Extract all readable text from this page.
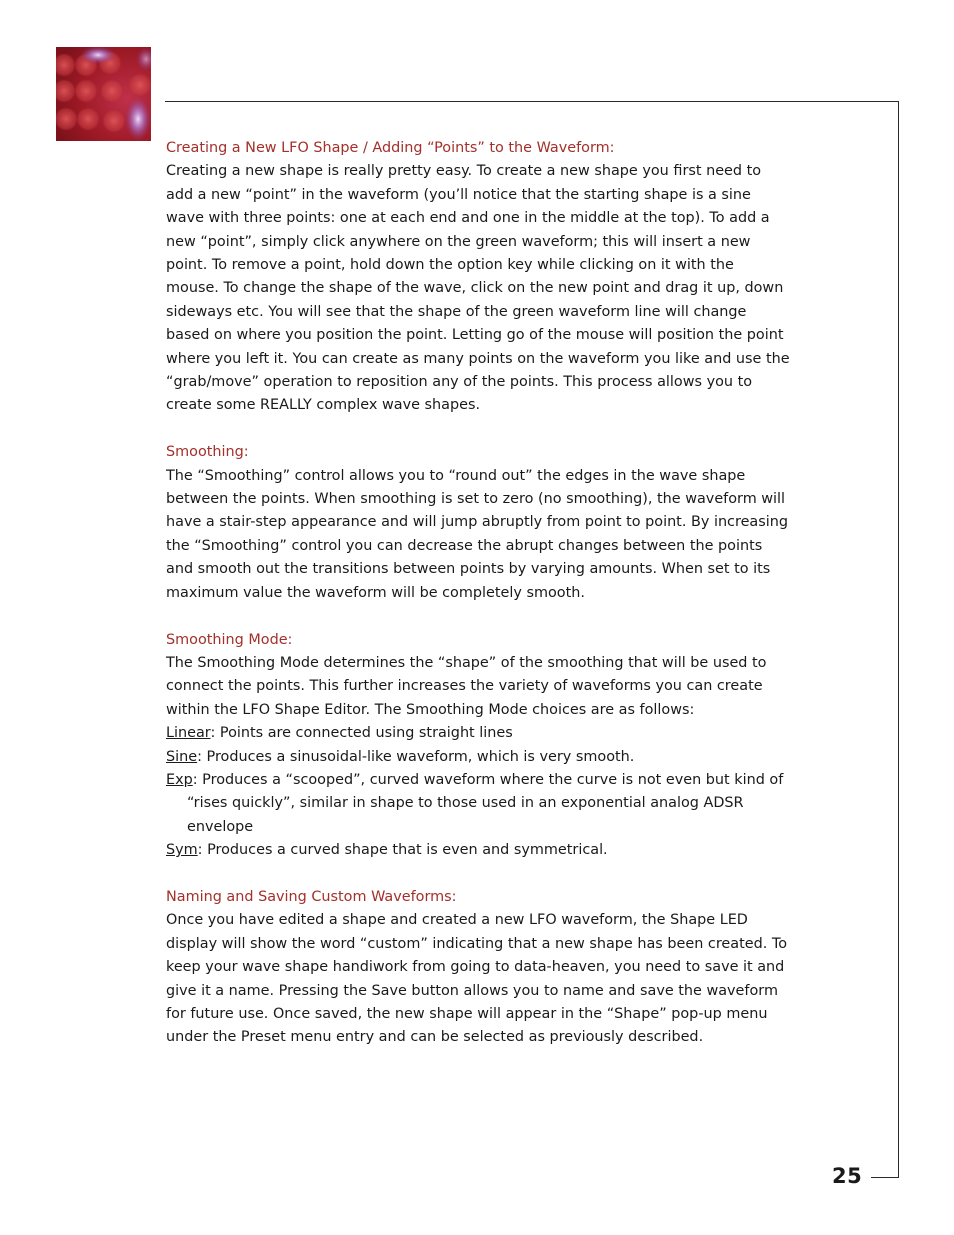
25
Creating a New LFO Shape / Adding “Points” to the Waveform:

Creating a new shape is really pretty easy. To create a new shape you first need to add a new “point” in the waveform (you’ll notice that the starting shape is a sine wave with three points: one at each end and one in the middle at the top). To add a new “point”, simply click anywhere on the green waveform; this will insert a new point. To remove a point, hold down the option key while clicking on it with the mouse. To change the shape of the wave, click on the new point and drag it up, down sideways etc. You will see that the shape of the green waveform line will change based on where you position the point. Letting go of the mouse will position the point where you left it. You can create as many points on the waveform you like and use the “grab/move” operation to reposition any of the points. This process allows you to create some REALLY complex wave shapes.

Smoothing:

The “Smoothing” control allows you to “round out” the edges in the wave shape between the points. When smoothing is set to zero (no smoothing), the waveform will have a stair-step appearance and will jump abruptly from point to point. By increasing the “Smoothing” control you can decrease the abrupt changes between the points and smooth out the transitions between points by varying amounts. When set to its maximum value the waveform will be completely smooth.

Smoothing Mode:

The Smoothing Mode determines the “shape” of the smoothing that will be used to connect the points. This further increases the variety of waveforms you can create within the LFO Shape Editor. The Smoothing Mode choices are as follows:

Linear: Points are connected using straight lines
Sine: Produces a sinusoidal-like waveform, which is very smooth.
Exp: Produces a “scooped”, curved waveform where the curve is not even but kind of “rises quickly”, similar in shape to those used in an exponential analog ADSR envelope
Sym: Produces a curved shape that is even and symmetrical.
Naming and Saving Custom Waveforms:

Once you have edited a shape and created a new LFO waveform, the Shape LED display will show the word “custom” indicating that a new shape has been created. To keep your wave shape handiwork from going to data-heaven, you need to save it and give it a name. Pressing the Save button allows you to name and save the waveform for future use. Once saved, the new shape will appear in the “Shape” pop-up menu under the Preset menu entry and can be selected as previously described.
